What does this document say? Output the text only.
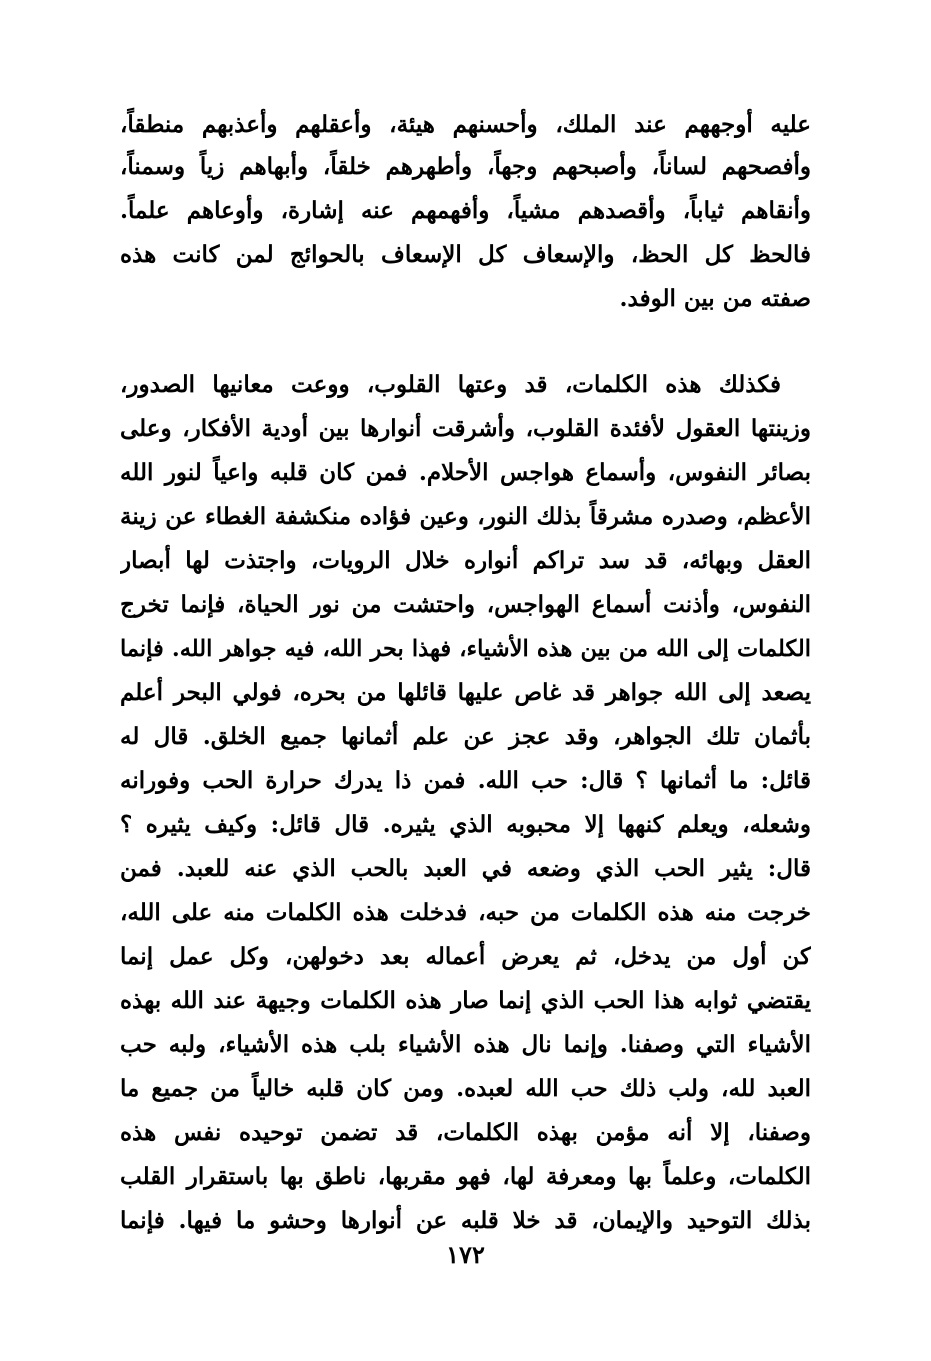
عليه أوجههم عند الملك، وأحسنهم هيئة، وأعقلهم وأعذبهم منطقاً،
وأفصحهم لساناً، وأصبحهم وجهاً، وأطهرهم خلقاً، وأبهاهم زياً وسمناً،
وأنقاهم ثياباً، وأقصدهم مشياً، وأفهمهم عنه إشارة، وأوعاهم علماً.
فالحظ كل الحظ، والإسعاف كل الإسعاف بالحوائج لمن كانت هذه
صفته من بين الوفد.
فكذلك هذه الكلمات، قد وعتها القلوب، ووعت معانيها الصدور،
وزينتها العقول لأفئدة القلوب، وأشرقت أنوارها بين أودية الأفكار، وعلى
بصائر النفوس، وأسماع هواجس الأحلام. فمن كان قلبه واعياً لنور الله
الأعظم، وصدره مشرقاً بذلك النور، وعين فؤاده منكشفة الغطاء عن زينة
العقل وبهائه، قد سد تراكم أنواره خلال الرويات، واجتذت لها أبصار
النفوس، وأذنت أسماع الهواجس، واحتشت من نور الحياة، فإنما تخرج
الكلمات إلى الله من بين هذه الأشياء، فهذا بحر الله، فيه جواهر الله. فإنما
يصعد إلى الله جواهر قد غاص عليها قائلها من بحره، فولي البحر أعلم
بأثمان تلك الجواهر، وقد عجز عن علم أثمانها جميع الخلق. قال له
قائل: ما أثمانها ؟ قال: حب الله. فمن ذا يدرك حرارة الحب وفورانه
وشعله، ويعلم كنهها إلا محبوبه الذي يثيره. قال قائل: وكيف يثيره ؟
قال: يثير الحب الذي وضعه في العبد بالحب الذي عنه للعبد. فمن
خرجت منه هذه الكلمات من حبه، فدخلت هذه الكلمات منه على الله،
كن أول من يدخل، ثم يعرض أعماله بعد دخولهن، وكل عمل إنما
يقتضي ثوابه هذا الحب الذي إنما صار هذه الكلمات وجيهة عند الله بهذه
الأشياء التي وصفنا. وإنما نال هذه الأشياء بلب هذه الأشياء، ولبه حب
العبد لله، ولب ذلك حب الله لعبده. ومن كان قلبه خالياً من جميع ما
وصفنا، إلا أنه مؤمن بهذه الكلمات، قد تضمن توحيده نفس هذه
الكلمات، وعلماً بها ومعرفة لها، فهو مقربها، ناطق بها باستقرار القلب
بذلك التوحيد والإيمان، قد خلا قلبه عن أنوارها وحشو ما فيها. فإنما
١٧٢
